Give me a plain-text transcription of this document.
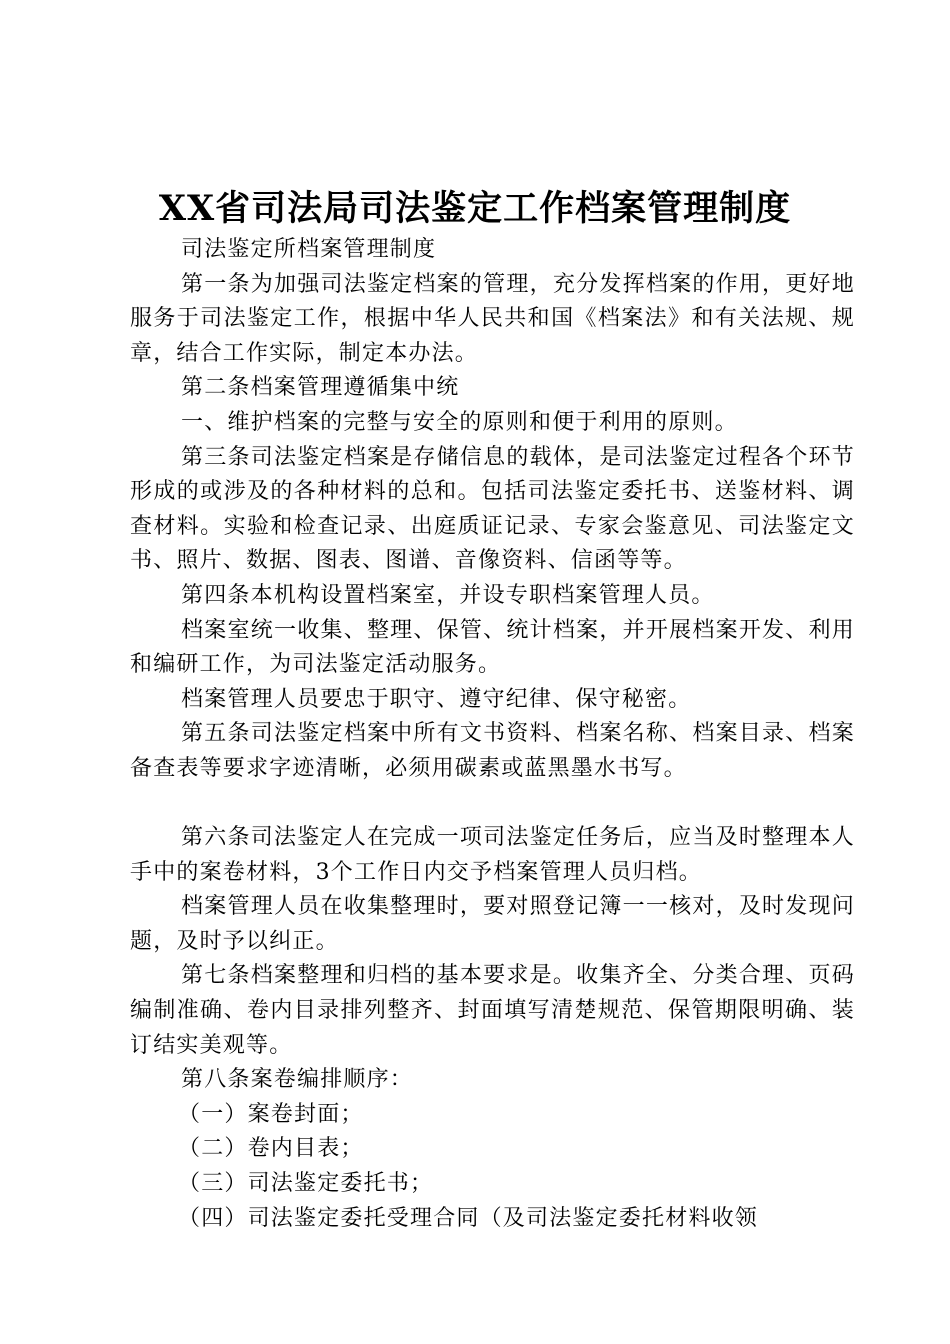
XX省司法局司法鉴定工作档案管理制度

司法鉴定所档案管理制度

第一条为加强司法鉴定档案的管理，充分发挥档案的作用，更好地服务于司法鉴定工作，根据中华人民共和国《档案法》和有关法规、规章，结合工作实际，制定本办法。

第二条档案管理遵循集中统

一、维护档案的完整与安全的原则和便于利用的原则。

第三条司法鉴定档案是存储信息的载体，是司法鉴定过程各个环节形成的或涉及的各种材料的总和。包括司法鉴定委托书、送鉴材料、调查材料。实验和检查记录、出庭质证记录、专家会鉴意见、司法鉴定文书、照片、数据、图表、图谱、音像资料、信函等等。

第四条本机构设置档案室，并设专职档案管理人员。

档案室统一收集、整理、保管、统计档案，并开展档案开发、利用和编研工作，为司法鉴定活动服务。

档案管理人员要忠于职守、遵守纪律、保守秘密。

第五条司法鉴定档案中所有文书资料、档案名称、档案目录、档案备查表等要求字迹清晰，必须用碳素或蓝黑墨水书写。

第六条司法鉴定人在完成一项司法鉴定任务后，应当及时整理本人手中的案卷材料，3个工作日内交予档案管理人员归档。

档案管理人员在收集整理时，要对照登记簿一一核对，及时发现问题，及时予以纠正。

第七条档案整理和归档的基本要求是。收集齐全、分类合理、页码编制准确、卷内目录排列整齐、封面填写清楚规范、保管期限明确、装订结实美观等。

第八条案卷编排顺序：

（一）案卷封面；

（二）卷内目表；

（三）司法鉴定委托书；

（四）司法鉴定委托受理合同（及司法鉴定委托材料收领
